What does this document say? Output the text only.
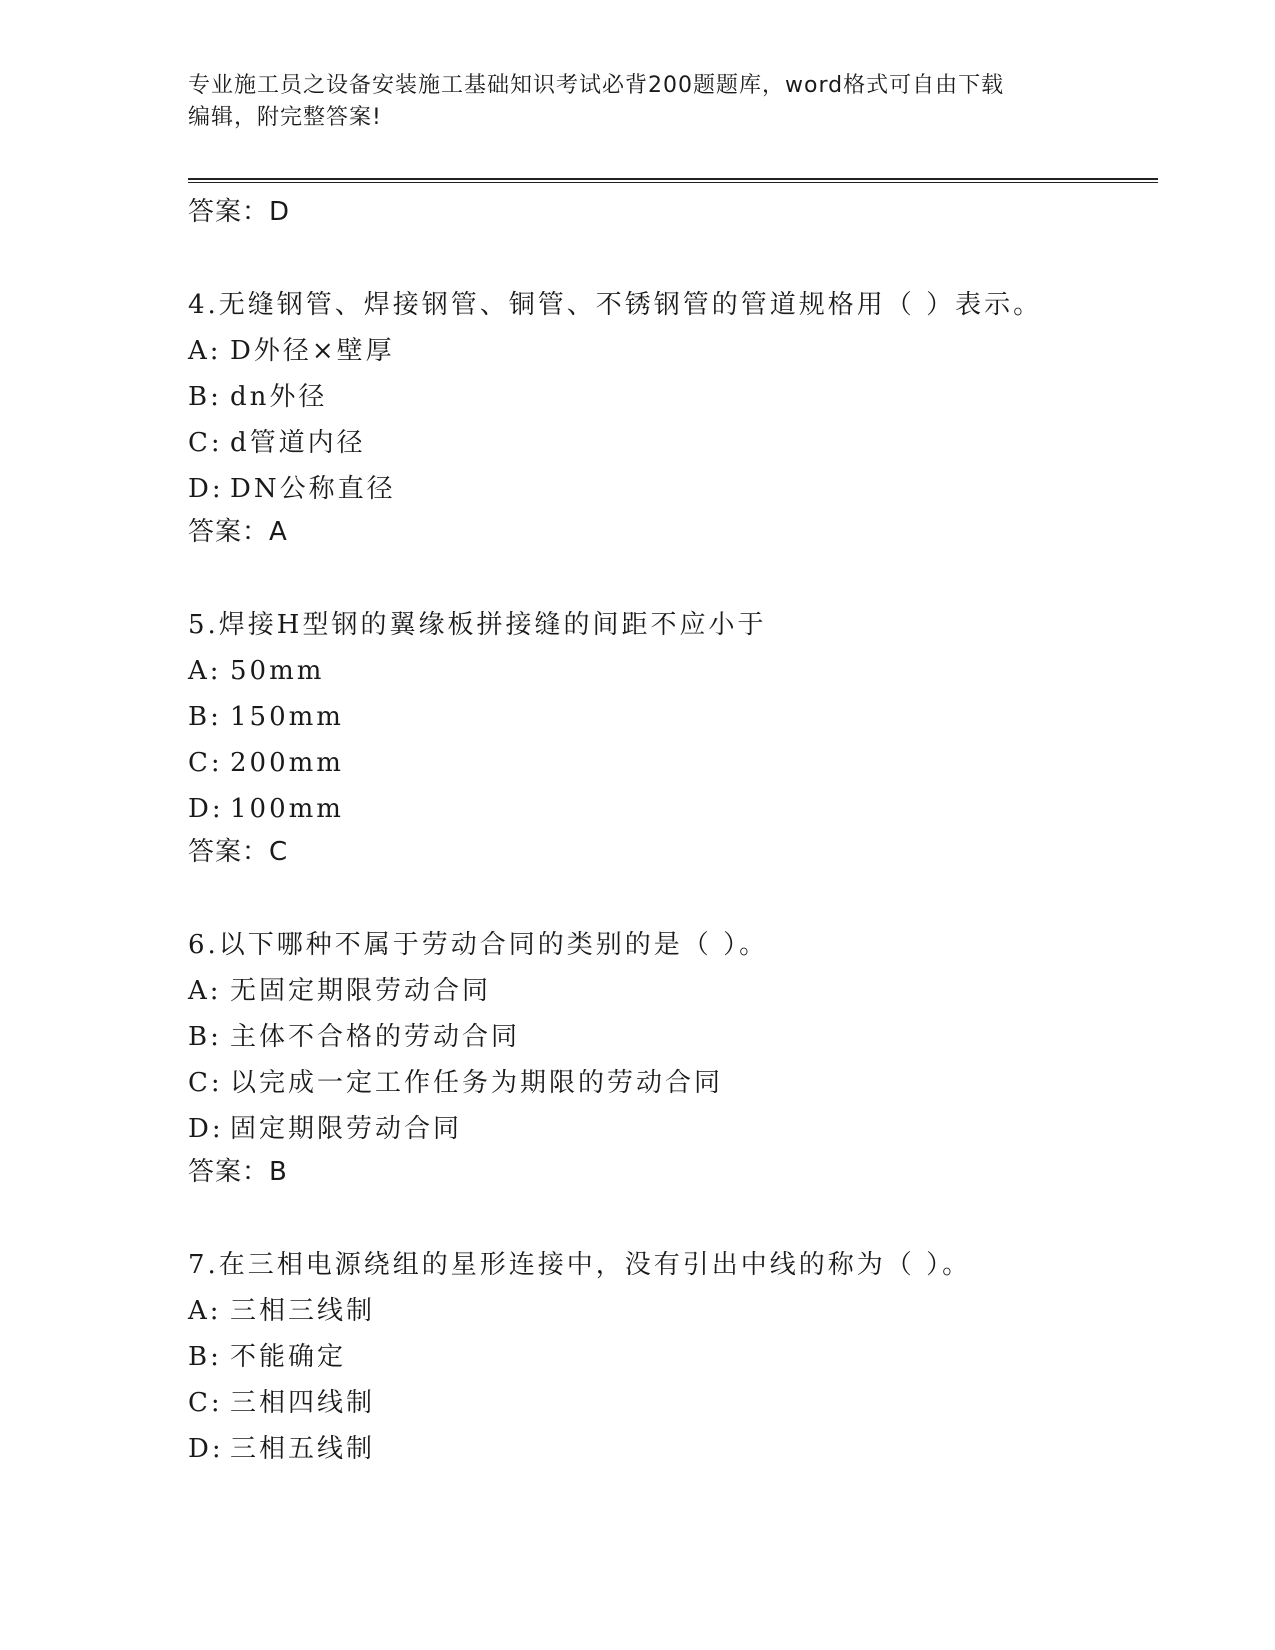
专业施工员之设备安装施工基础知识考试必背200题题库，word格式可自由下载
编辑，附完整答案!
答案：D
4.无缝钢管、焊接钢管、铜管、不锈钢管的管道规格用（ ）表示。
A: D外径×壁厚
B: dn外径
C: d管道内径
D: DN公称直径
答案：A
5.焊接H型钢的翼缘板拼接缝的间距不应小于
A: 50mm
B: 150mm
C: 200mm
D: 100mm
答案：C
6.以下哪种不属于劳动合同的类别的是（ ）。
A: 无固定期限劳动合同
B: 主体不合格的劳动合同
C: 以完成一定工作任务为期限的劳动合同
D: 固定期限劳动合同
答案：B
7.在三相电源绕组的星形连接中，没有引出中线的称为（ ）。
A: 三相三线制
B: 不能确定
C: 三相四线制
D: 三相五线制
